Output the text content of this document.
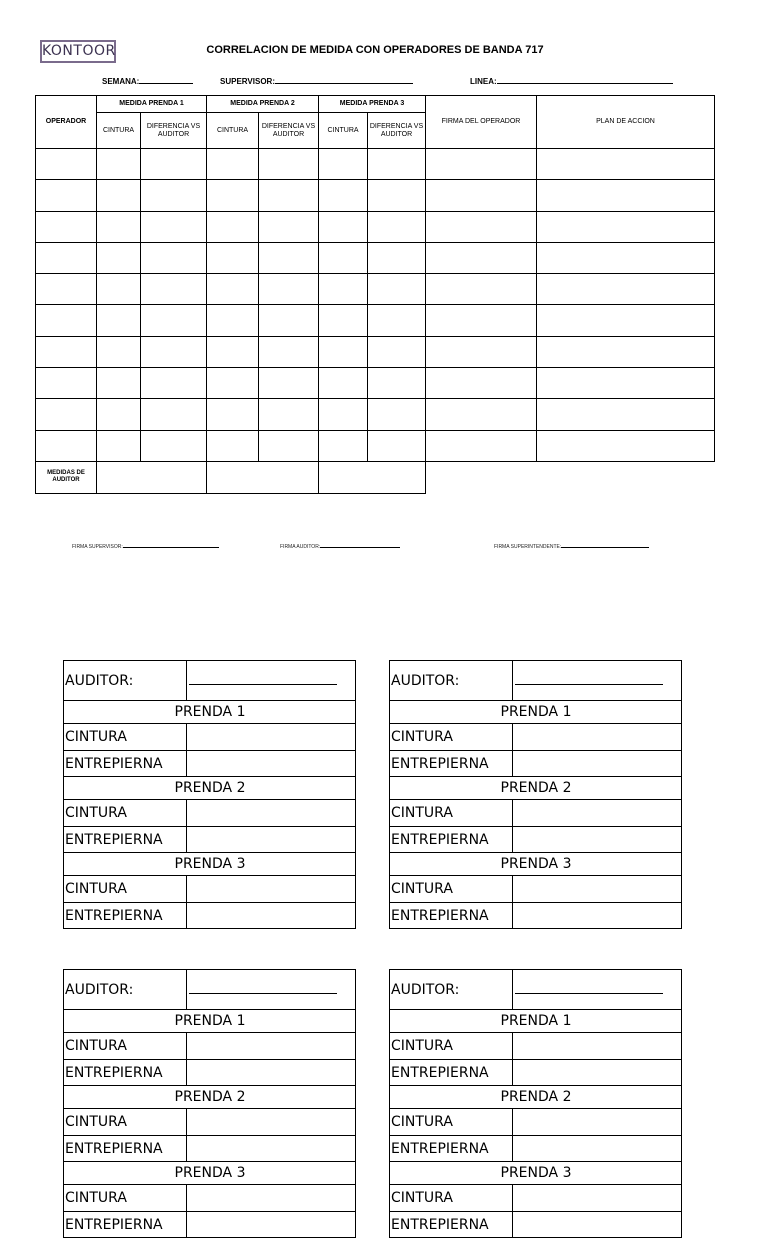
KONTOOR	CORRELACION DE MEDIDA CON OPERADORES DE BANDA 717
SEMANA:	SUPERVISOR:	LINEA:
OPERADOR	MEDIDA PRENDA 1		MEDIDA PRENDA 2		MEDIDA PRENDA 3		FIRMA DEL OPERADOR	PLAN DE ACCION
	CINTURA	DIFERENCIA VS AUDITOR	CINTURA	DIFERENCIA VS AUDITOR	CINTURA	DIFERENCIA VS AUDITOR		

MEDIDAS DE AUDITOR								
FIRMA SUPERVISOR:	FIRMA AUDITOR:	FIRMA SUPERINTENDENTE:
AUDITOR:	
PRENDA 1	
CINTURA	
ENTREPIERNA	
PRENDA 2	
CINTURA	
ENTREPIERNA	
PRENDA 3	
CINTURA	
ENTREPIERNA	
AUDITOR:	
PRENDA 1	
CINTURA	
ENTREPIERNA	
PRENDA 2	
CINTURA	
ENTREPIERNA	
PRENDA 3	
CINTURA	
ENTREPIERNA	
AUDITOR:	
PRENDA 1	
CINTURA	
ENTREPIERNA	
PRENDA 2	
CINTURA	
ENTREPIERNA	
PRENDA 3	
CINTURA	
ENTREPIERNA	
AUDITOR:	
PRENDA 1	
CINTURA	
ENTREPIERNA	
PRENDA 2	
CINTURA	
ENTREPIERNA	
PRENDA 3	
CINTURA	
ENTREPIERNA	
